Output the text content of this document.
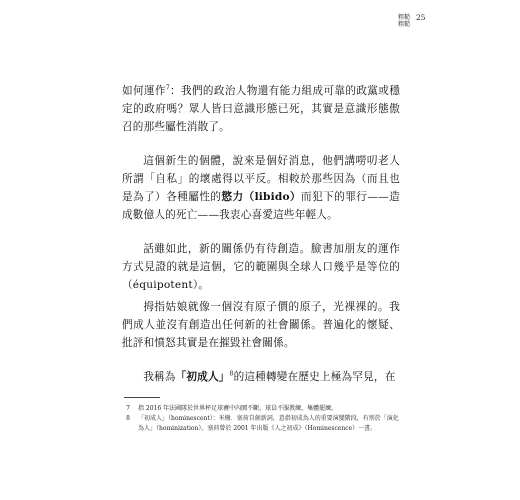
粗糙
粗糙
25

如何運作$^7$：我們的政治人物還有能力組成可靠的政黨或穩定的政府嗎？眾人皆曰意識形態已死，其實是意識形態傲召的那些屬性消散了。

這個新生的個體，說來是個好消息，他們講嘮叨老人所謂「自私」的壞處得以平反。相較於那些因為（而且也是為了）各種屬性的慾力（libido）而犯下的罪行——造成數億人的死亡——我衷心喜愛這些年輕人。

話雖如此，新的關係仍有待創造。臉書加朋友的運作方式見證的就是這個，它的範圍與全球人口幾乎是等位的（équipotent）。

拇指姑娘就像一個沒有原子價的原子，光裸裸的。我們成人並沒有創造出任何新的社會關係。普遍化的懷疑、批評和憤怒其實是在摧毀社會關係。

我稱為「初成人」$^8$的這種轉變在歷史上極為罕見，在

7 指 2016 年法國隊於世界杯足球賽中內鬨不斷，球員不服教練，集體罷練。
8 「初成人」（hominescent）：米榭．塞荷自創新詞，意指初成為人的重要演變階段，有別於「演化為人」（hominization）。塞荷曾於 2001 年出版《人之初成》（Hominescence）一書。
